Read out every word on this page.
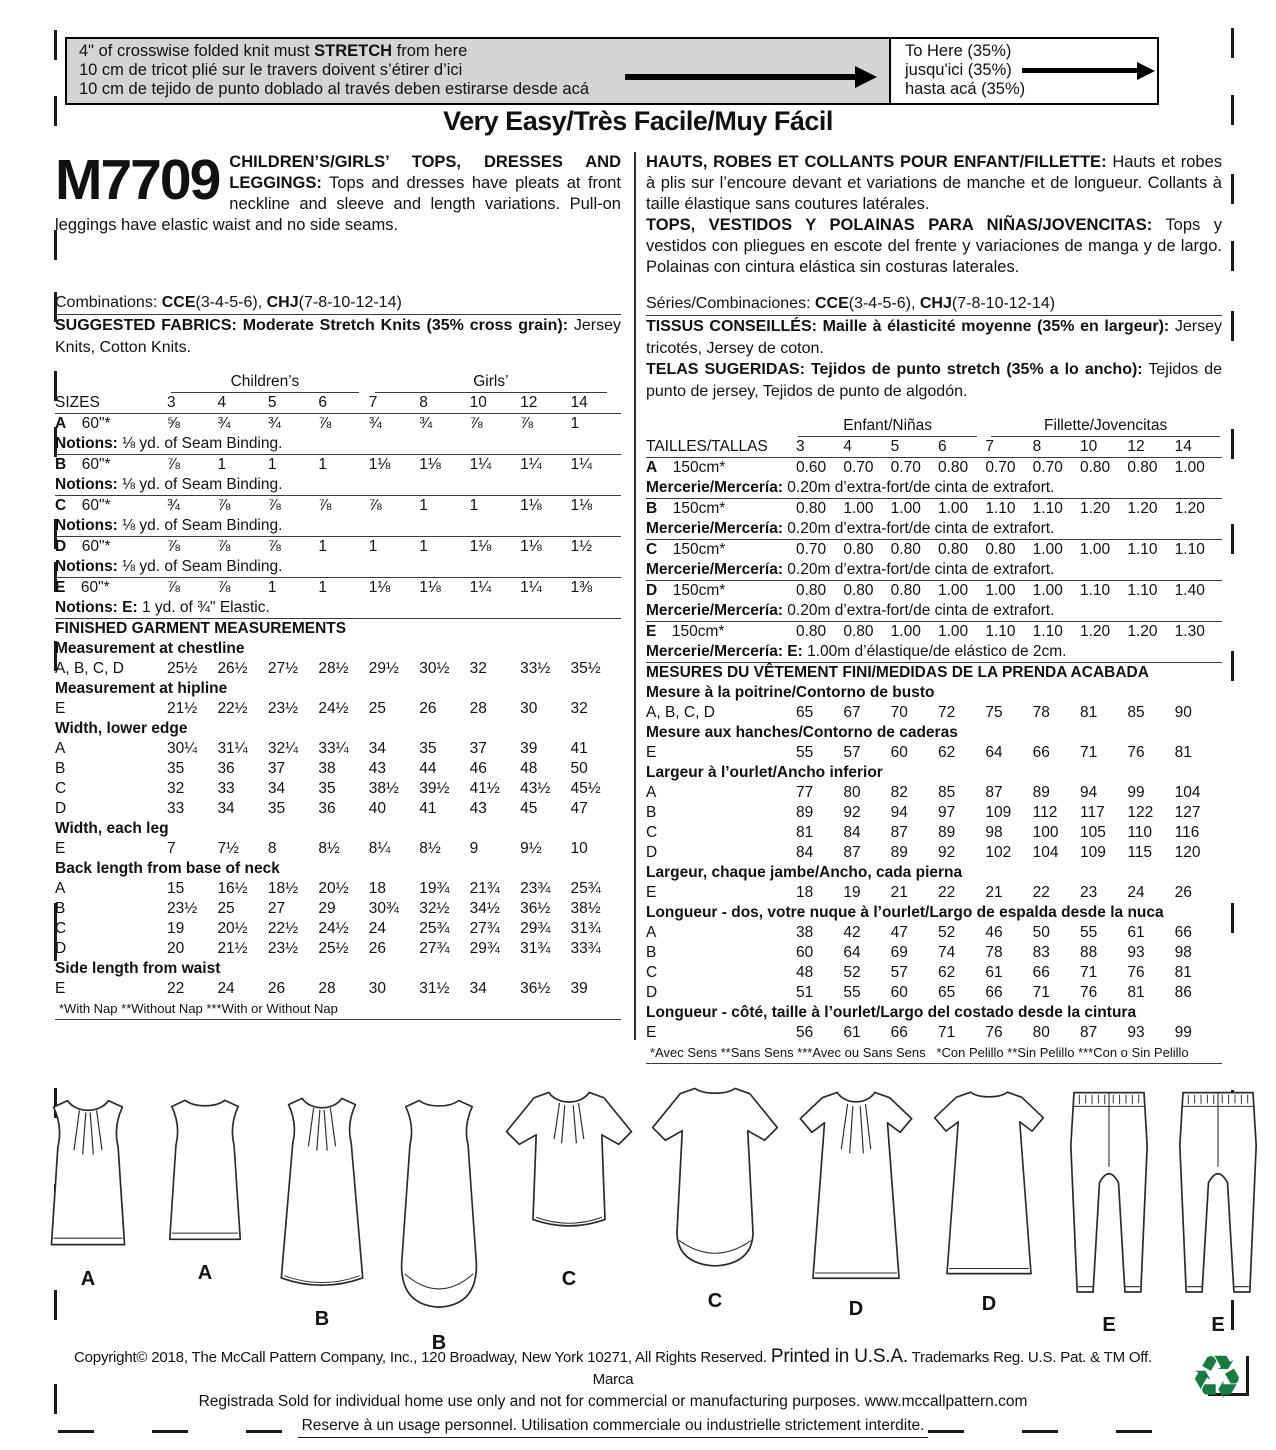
4" of crosswise folded knit must STRETCH from here
10 cm de tricot plié sur le travers doivent s’étirer d’ici
10 cm de tejido de punto doblado al través deben estirarse desde acá
To Here (35%)
jusqu'ici (35%)
hasta acá (35%)
Very Easy/Très Facile/Muy Fácil
M7709 CHILDREN’S/GIRLS’ TOPS, DRESSES AND LEGGINGS: Tops and dresses have pleats at front neckline and sleeve and length variations. Pull-on leggings have elastic waist and no side seams.
Combinations: CCE(3-4-5-6), CHJ(7-8-10-12-14)
SUGGESTED FABRICS: Moderate Stretch Knits (35% cross grain): Jersey Knits, Cotton Knits.
Children’s	Girls’
SIZES	3	4	5	6	7	8	10	12	14
A  60"*	⅝	¾	¾	⅞	¾	¾	⅞	⅞	1
Notions: ⅛ yd. of Seam Binding.
B  60"*	⅞	1	1	1	1⅛	1⅛	1¼	1¼	1¼
Notions: ⅛ yd. of Seam Binding.
C  60"*	¾	⅞	⅞	⅞	⅞	1	1	1⅛	1⅛
Notions: ⅛ yd. of Seam Binding.
D  60"*	⅞	⅞	⅞	1	1	1	1⅛	1⅛	1½
Notions: ⅛ yd. of Seam Binding.
E  60"*	⅞	⅞	1	1	1⅛	1⅛	1¼	1¼	1⅜
Notions: E: 1 yd. of ¾" Elastic.
FINISHED GARMENT MEASUREMENTS
Measurement at chestline
A, B, C, D	25½	26½	27½	28½	29½	30½	32	33½	35½
Measurement at hipline
E	21½	22½	23½	24½	25	26	28	30	32
Width, lower edge
A	30¼	31¼	32¼	33¼	34	35	37	39	41
B	35	36	37	38	43	44	46	48	50
C	32	33	34	35	38½	39½	41½	43½	45½
D	33	34	35	36	40	41	43	45	47
Width, each leg
E	7	7½	8	8½	8¼	8½	9	9½	10
Back length from base of neck
A	15	16½	18½	20½	18	19¾	21¾	23¾	25¾
B	23½	25	27	29	30¾	32½	34½	36½	38½
C	19	20½	22½	24½	24	25¾	27¾	29¾	31¾
D	20	21½	23½	25½	26	27¾	29¾	31¾	33¾
Side length from waist
E	22	24	26	28	30	31½	34	36½	39
*With Nap **Without Nap ***With or Without Nap
HAUTS, ROBES ET COLLANTS POUR ENFANT/FILLETTE: Hauts et robes à plis sur l’encoure devant et variations de manche et de longueur. Collants à taille élastique sans coutures latérales.
TOPS, VESTIDOS Y POLAINAS PARA NIÑAS/JOVENCITAS: Tops y vestidos con pliegues en escote del frente y variaciones de manga y de largo. Polainas con cintura elástica sin costuras laterales.
Séries/Combinaciones: CCE(3-4-5-6), CHJ(7-8-10-12-14)
TISSUS CONSEILLÉS: Maille à élasticité moyenne (35% en largeur): Jersey tricotés, Jersey de coton.
TELAS SUGERIDAS: Tejidos de punto stretch (35% a lo ancho): Tejidos de punto de jersey, Tejidos de punto de algodón.
Enfant/Niñas	Fillette/Jovencitas
TAILLES/TALLAS	3	4	5	6	7	8	10	12	14
A  150cm*	0.60	0.70	0.70	0.80	0.70	0.70	0.80	0.80	1.00
Mercerie/Mercería: 0.20m d’extra-fort/de cinta de extrafort.
B  150cm*	0.80	1.00	1.00	1.00	1.10	1.10	1.20	1.20	1.20
Mercerie/Mercería: 0.20m d’extra-fort/de cinta de extrafort.
C  150cm*	0.70	0.80	0.80	0.80	0.80	1.00	1.00	1.10	1.10
Mercerie/Mercería: 0.20m d’extra-fort/de cinta de extrafort.
D  150cm*	0.80	0.80	0.80	1.00	1.00	1.00	1.10	1.10	1.40
Mercerie/Mercería: 0.20m d’extra-fort/de cinta de extrafort.
E  150cm*	0.80	0.80	1.00	1.00	1.10	1.10	1.20	1.20	1.30
Mercerie/Mercería: E: 1.00m d’élastique/de elástico de 2cm.
MESURES DU VÊTEMENT FINI/MEDIDAS DE LA PRENDA ACABADA
Mesure à la poitrine/Contorno de busto
A, B, C, D	65	67	70	72	75	78	81	85	90
Mesure aux hanches/Contorno de caderas
E	55	57	60	62	64	66	71	76	81
Largeur à l’ourlet/Ancho inferior
A	77	80	82	85	87	89	94	99	104
B	89	92	94	97	109	112	117	122	127
C	81	84	87	89	98	100	105	110	116
D	84	87	89	92	102	104	109	115	120
Largeur, chaque jambe/Ancho, cada pierna
E	18	19	21	22	21	22	23	24	26
Longueur - dos, votre nuque à l’ourlet/Largo de espalda desde la nuca
A	38	42	47	52	46	50	55	61	66
B	60	64	69	74	78	83	88	93	98
C	48	52	57	62	61	66	71	76	81
D	51	55	60	65	66	71	76	81	86
Longueur - côté, taille à l’ourlet/Largo del costado desde la cintura
E	56	61	66	71	76	80	87	93	99
*Avec Sens **Sans Sens ***Avec ou Sans Sens   *Con Pelillo **Sin Pelillo ***Con o Sin Pelillo
A	A
B
B
C
C	D	D
E	E
Copyright© 2018, The McCall Pattern Company, Inc., 120 Broadway, New York 10271, All Rights Reserved. Printed in U.S.A. Trademarks Reg. U.S. Pat. & TM Off. Marca
Registrada Sold for individual home use only and not for commercial or manufacturing purposes. www.mccallpattern.com
Reserve à un usage personnel. Utilisation commerciale ou industrielle strictement interdite.
♻
